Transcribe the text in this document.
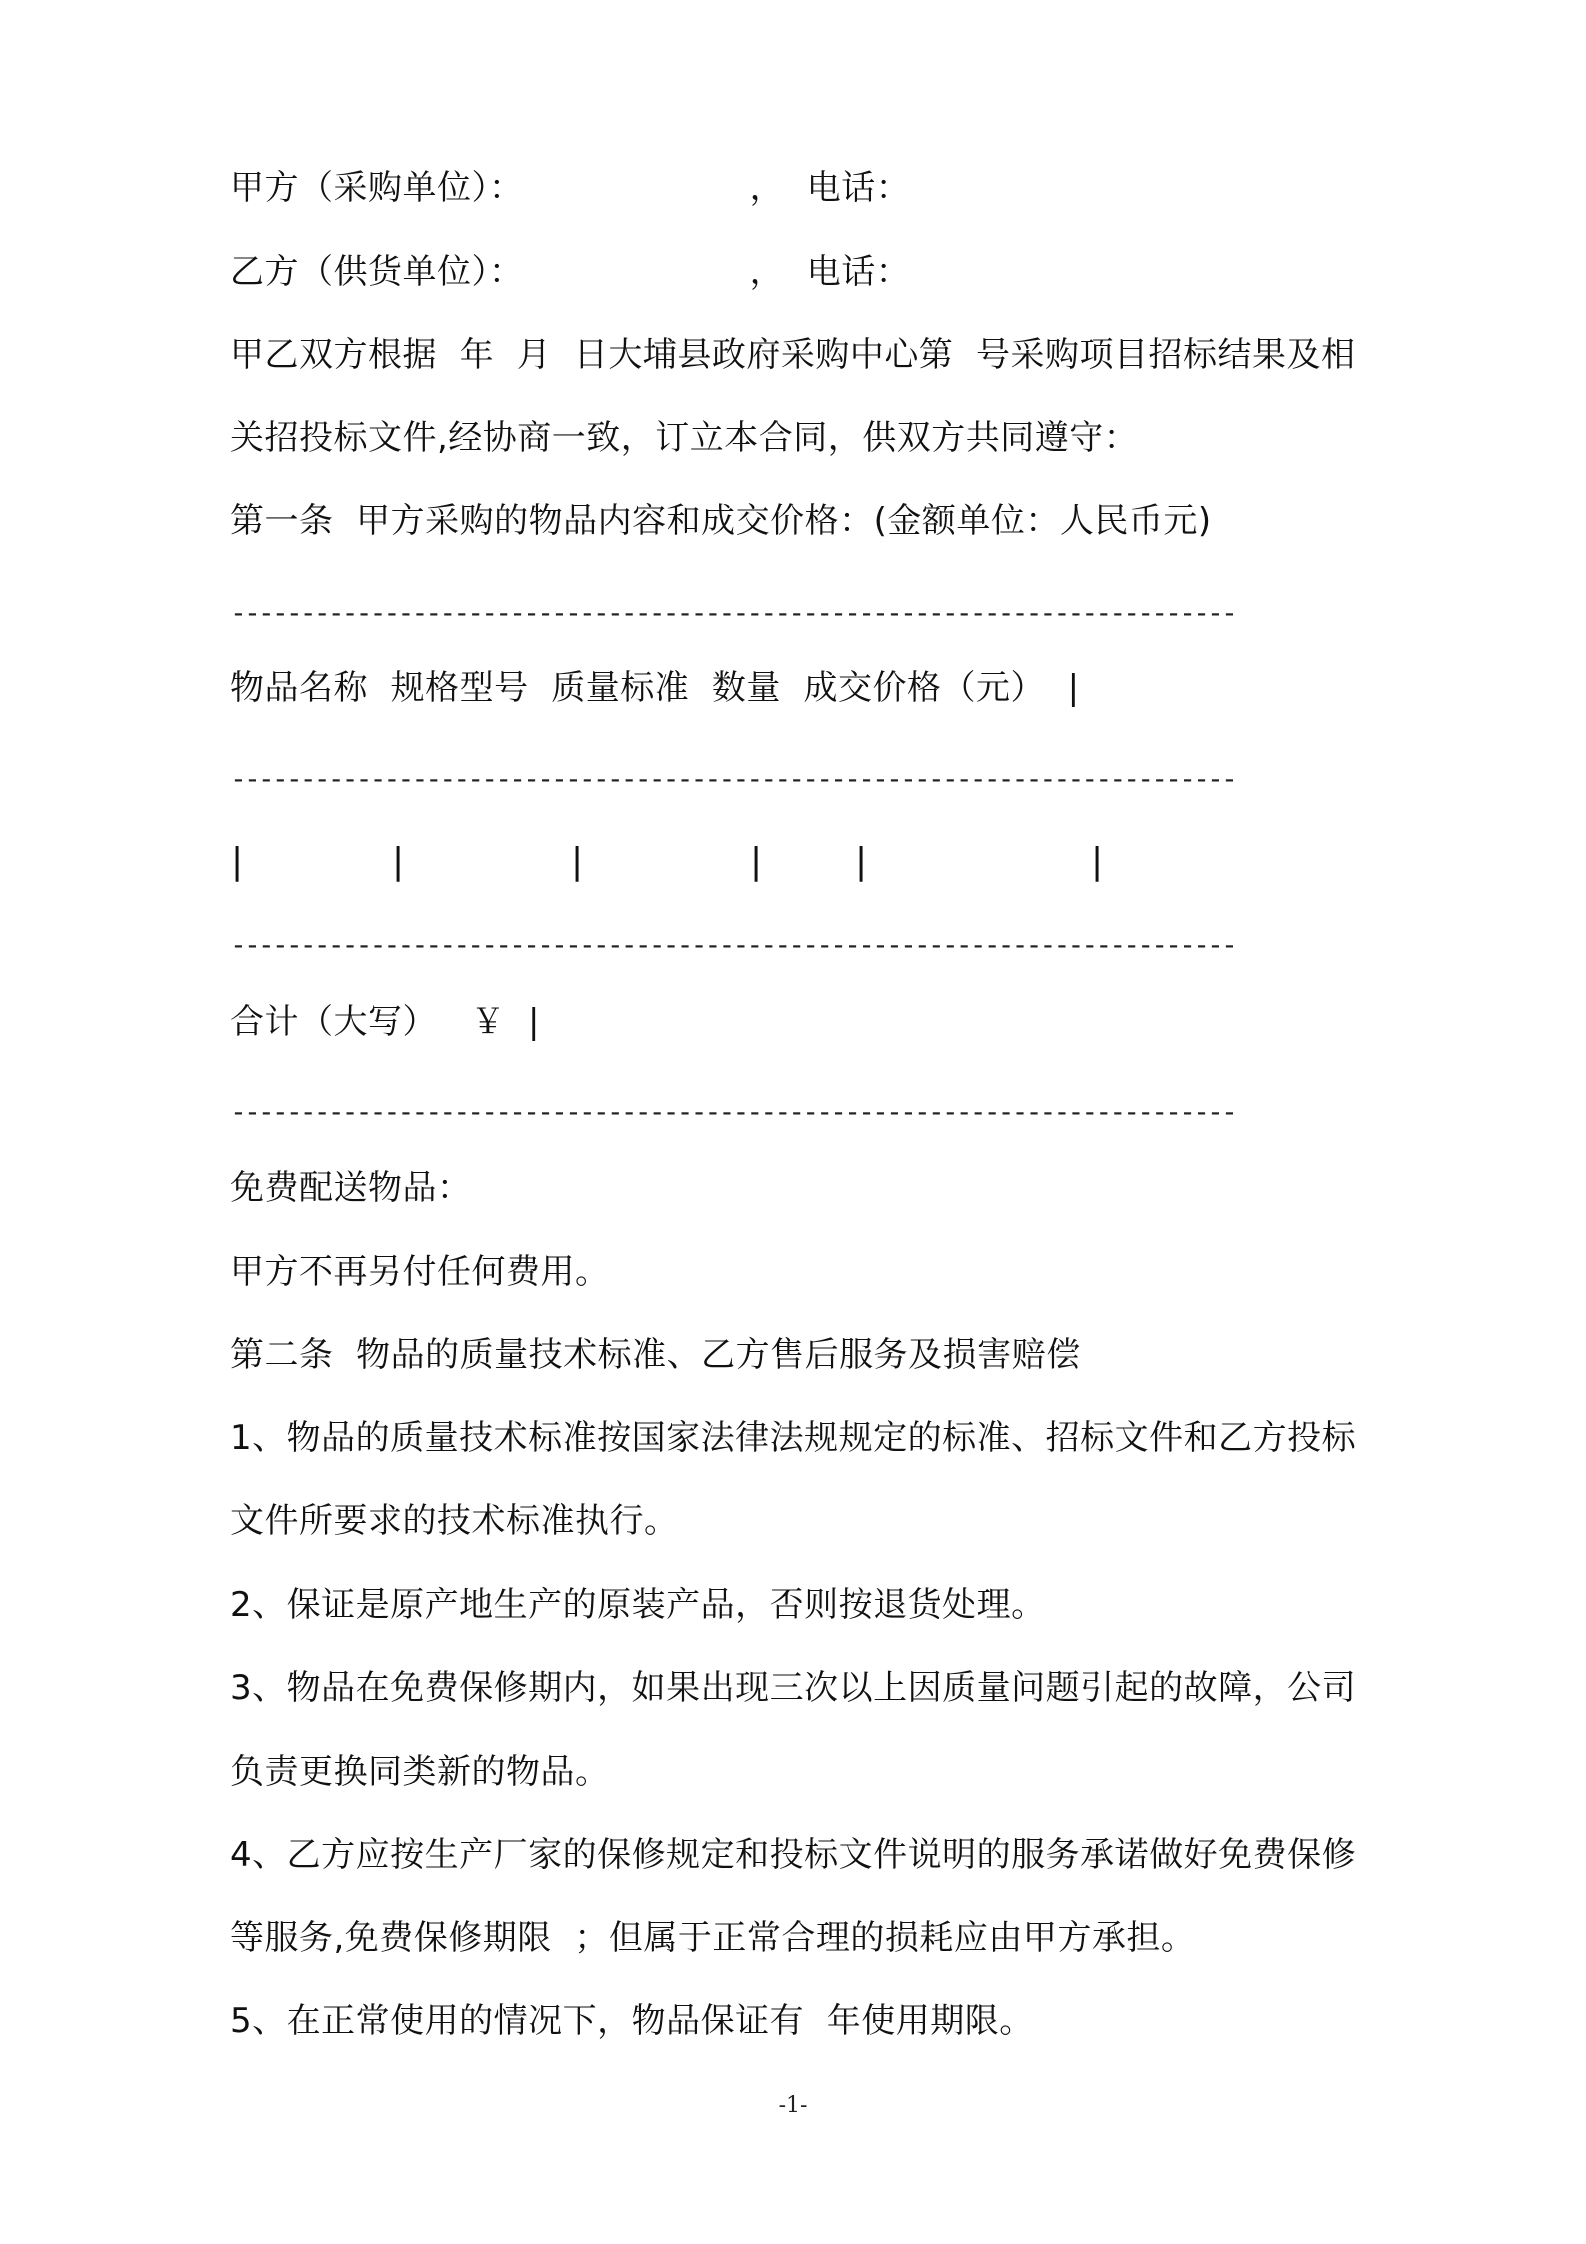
甲方（采购单位）：                    ，  电话：
乙方（供货单位）：                    ，  电话：
甲乙双方根据  年  月  日大埔县政府采购中心第  号采购项目招标结果及相
关招投标文件,经协商一致，订立本合同，供双方共同遵守：
第一条  甲方采购的物品内容和成交价格：(金额单位：人民币元)
------------------------------------------------------------------------
物品名称  规格型号  质量标准  数量  成交价格（元）  |
------------------------------------------------------------------------
|	|	|	|	|	|
------------------------------------------------------------------------
合计（大写）   ￥  |
------------------------------------------------------------------------
免费配送物品：
甲方不再另付任何费用。
第二条  物品的质量技术标准、乙方售后服务及损害赔偿
1、物品的质量技术标准按国家法律法规规定的标准、招标文件和乙方投标
文件所要求的技术标准执行。
2、保证是原产地生产的原装产品，否则按退货处理。
3、物品在免费保修期内，如果出现三次以上因质量问题引起的故障，公司
负责更换同类新的物品。
4、乙方应按生产厂家的保修规定和投标文件说明的服务承诺做好免费保修
等服务,免费保修期限  ；但属于正常合理的损耗应由甲方承担。
5、在正常使用的情况下，物品保证有  年使用期限。
-1-
